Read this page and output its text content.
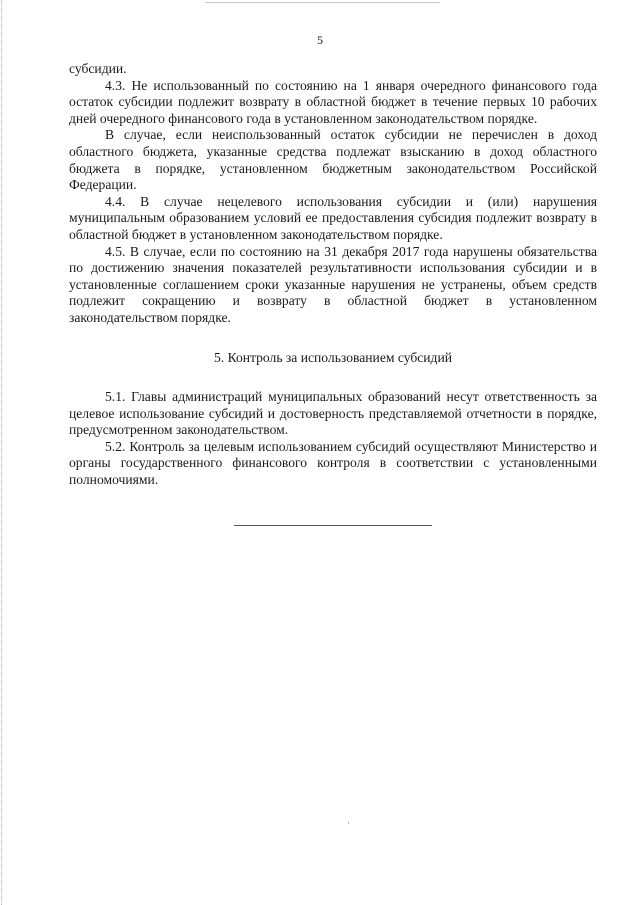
5

субсидии.

4.3. Не использованный по состоянию на 1 января очередного финансового года остаток субсидии подлежит возврату в областной бюджет в течение первых 10 рабочих дней очередного финансового года в установленном законодательством порядке.

В случае, если неиспользованный остаток субсидии не перечислен в доход областного бюджета, указанные средства подлежат взысканию в доход областного бюджета в порядке, установленном бюджетным законодательством Российской Федерации.

4.4. В случае нецелевого использования субсидии и (или) нарушения муниципальным образованием условий ее предоставления субсидия подлежит возврату в областной бюджет в установленном законодательством порядке.

4.5. В случае, если по состоянию на 31 декабря 2017 года нарушены обязательства по достижению значения показателей результативности использования субсидии и в установленные соглашением сроки указанные нарушения не устранены, объем средств подлежит сокращению и возврату в областной бюджет в установленном законодательством порядке.

5. Контроль за использованием субсидий

5.1. Главы администраций муниципальных образований несут ответственность за целевое использование субсидий и достоверность представляемой отчетности в порядке, предусмотренном законодательством.

5.2. Контроль за целевым использованием субсидий осуществляют Министерство и органы государственного финансового контроля в соответствии с установленными полномочиями.
